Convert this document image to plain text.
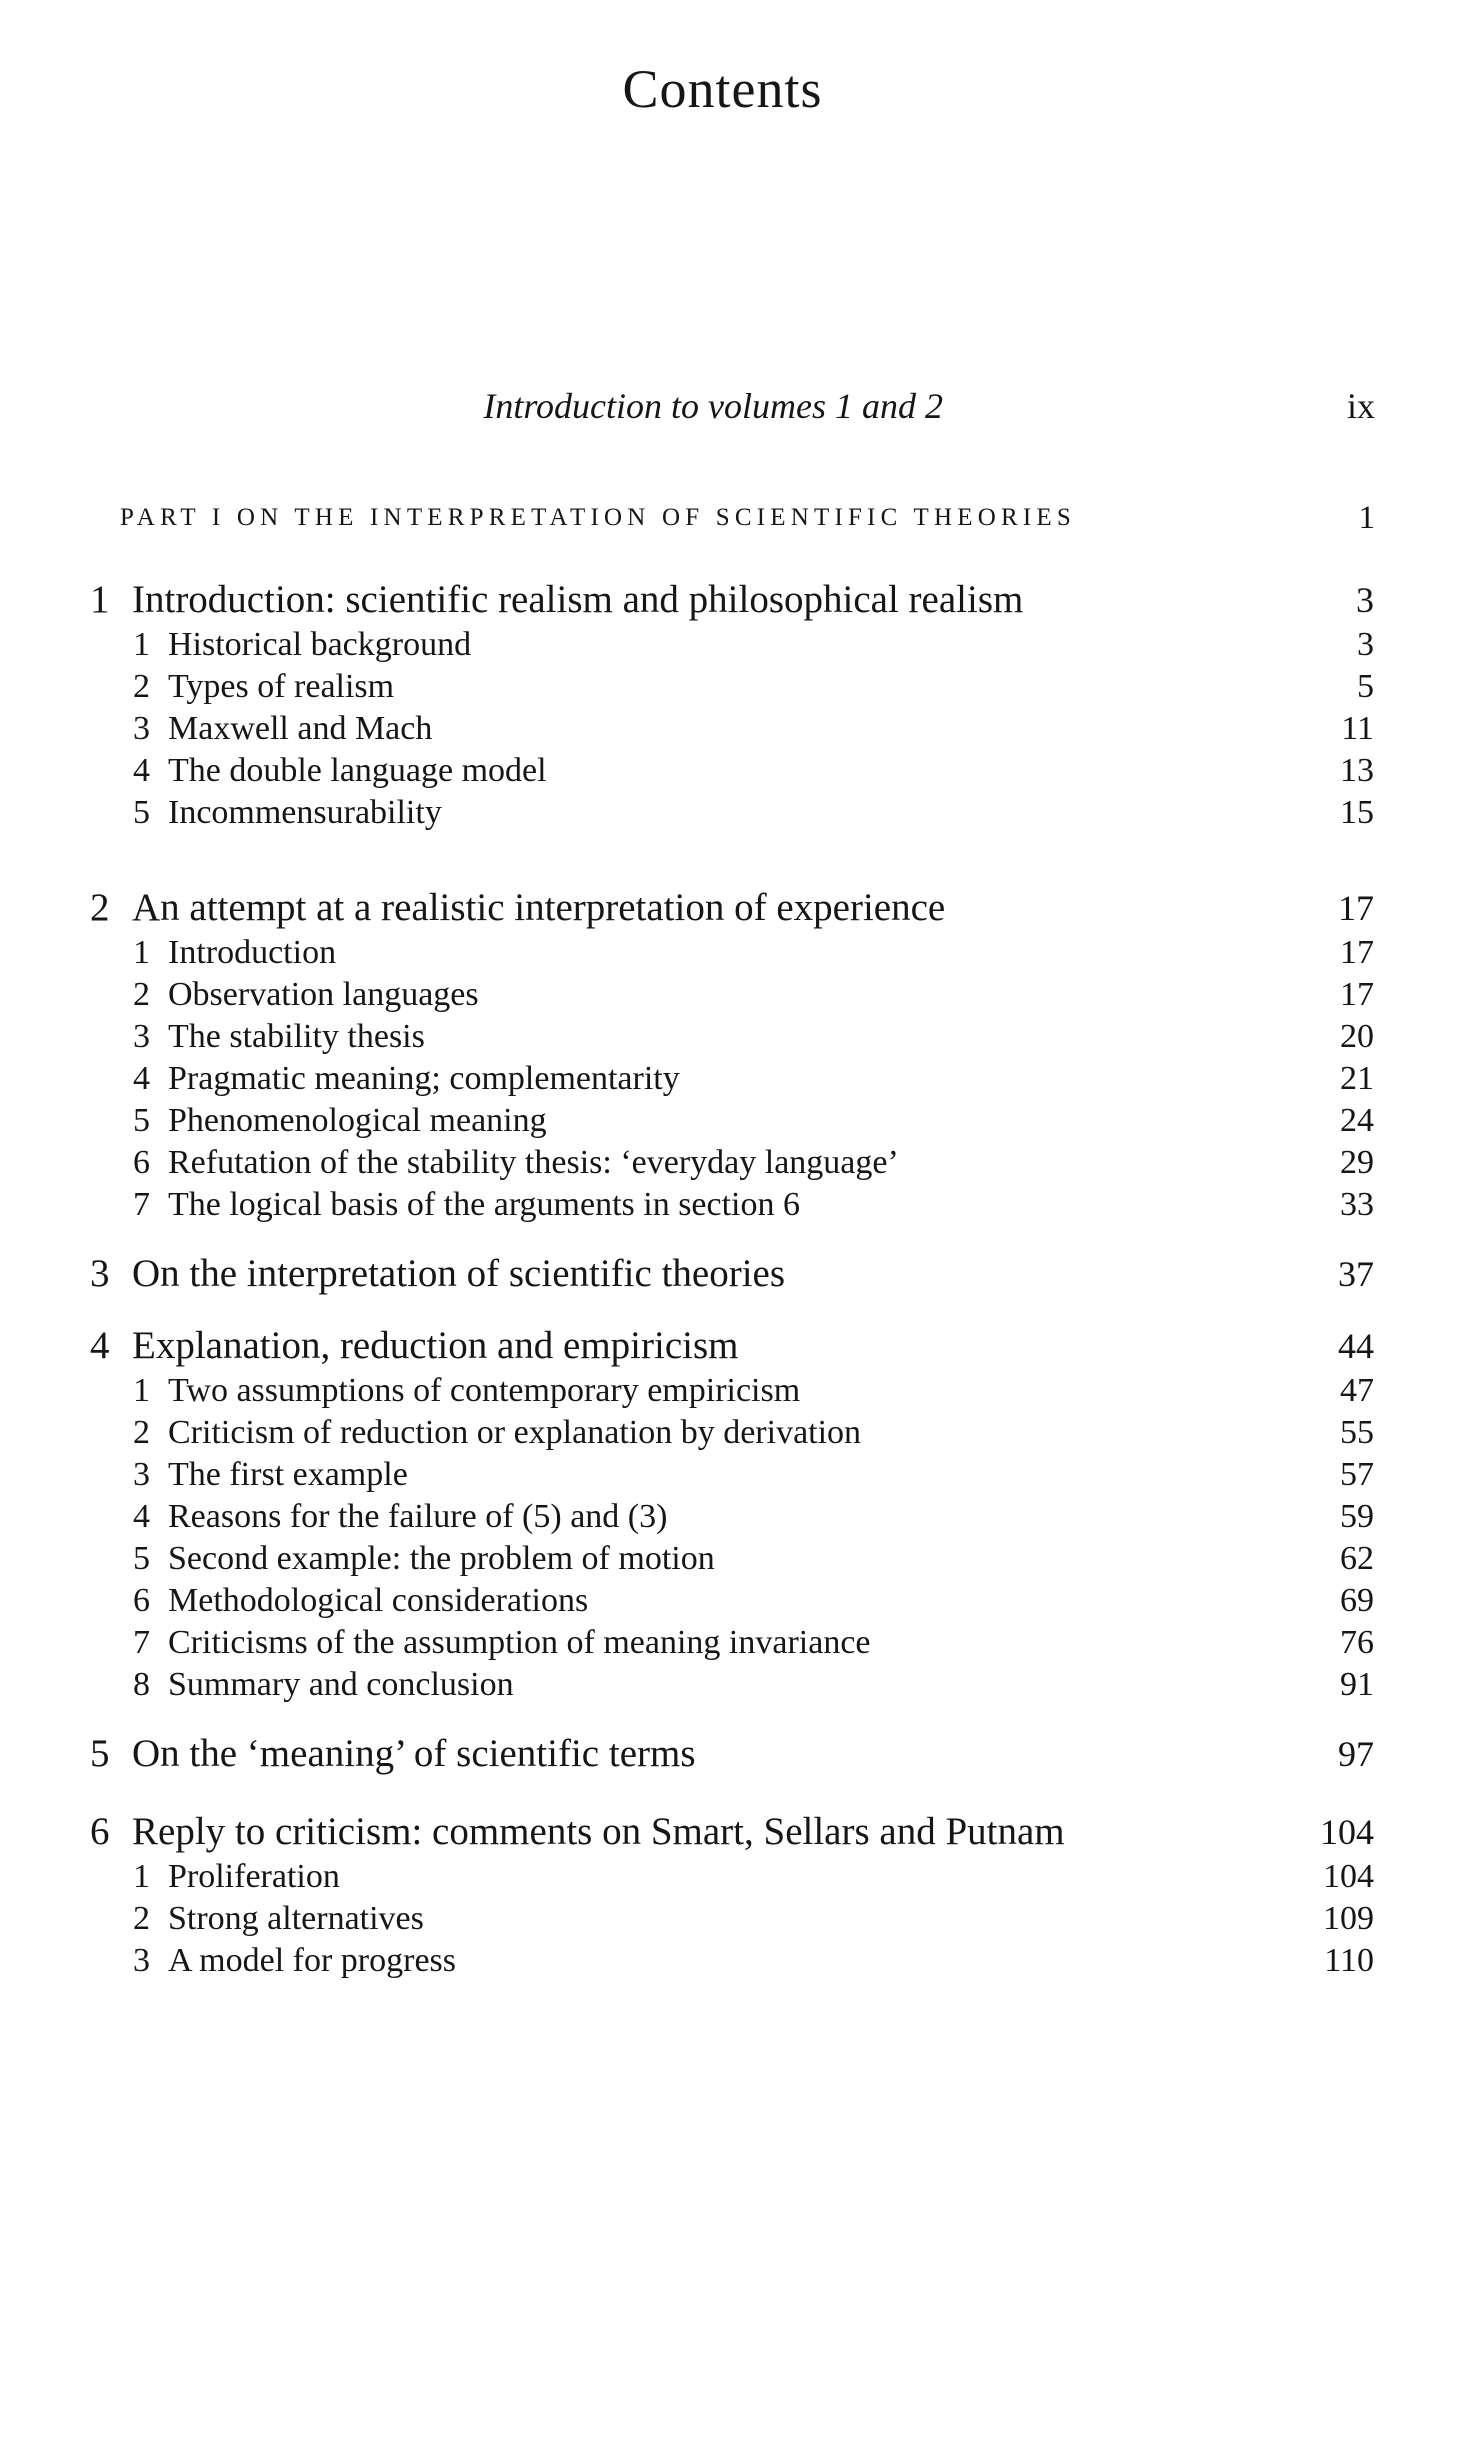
Contents
Introduction to volumes 1 and 2	ix
PART I ON THE INTERPRETATION OF SCIENTIFIC THEORIES	1
1 Introduction: scientific realism and philosophical realism	3
1 Historical background	3
2 Types of realism	5
3 Maxwell and Mach	11
4 The double language model	13
5 Incommensurability	15
2 An attempt at a realistic interpretation of experience	17
1 Introduction	17
2 Observation languages	17
3 The stability thesis	20
4 Pragmatic meaning; complementarity	21
5 Phenomenological meaning	24
6 Refutation of the stability thesis: ‘everyday language’	29
7 The logical basis of the arguments in section 6	33
3 On the interpretation of scientific theories	37
4 Explanation, reduction and empiricism	44
1 Two assumptions of contemporary empiricism	47
2 Criticism of reduction or explanation by derivation	55
3 The first example	57
4 Reasons for the failure of (5) and (3)	59
5 Second example: the problem of motion	62
6 Methodological considerations	69
7 Criticisms of the assumption of meaning invariance	76
8 Summary and conclusion	91
5 On the ‘meaning’ of scientific terms	97
6 Reply to criticism: comments on Smart, Sellars and Putnam	104
1 Proliferation	104
2 Strong alternatives	109
3 A model for progress	110
